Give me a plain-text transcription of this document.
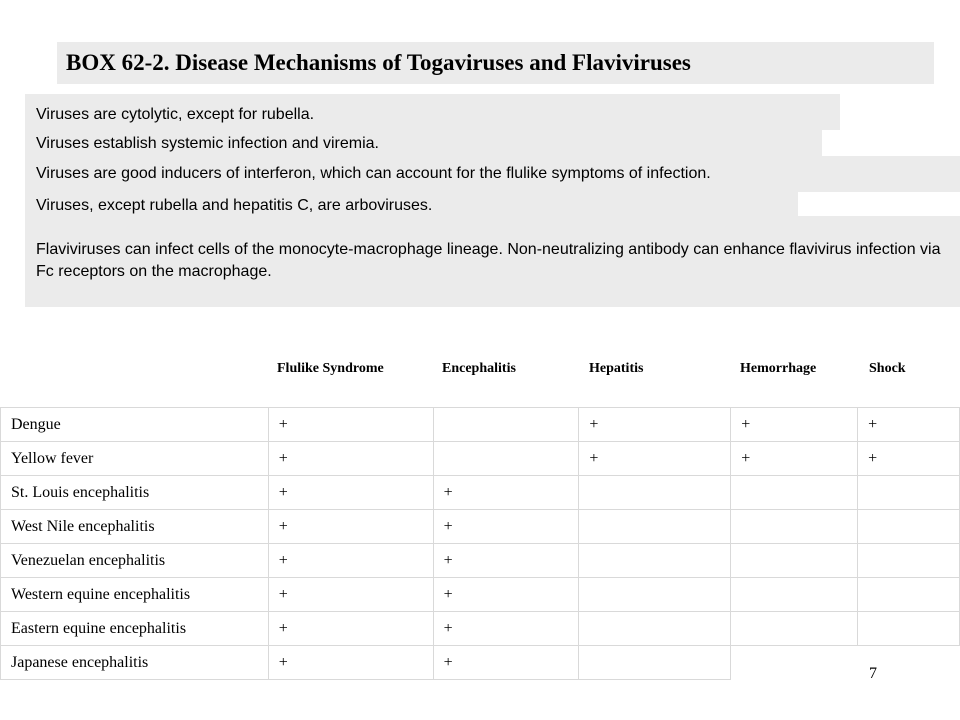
BOX 62-2. Disease Mechanisms of Togaviruses and Flaviviruses
Viruses are cytolytic, except for rubella.
Viruses establish systemic infection and viremia.
Viruses are good inducers of interferon, which can account for the flulike symptoms of infection.
Viruses, except rubella and hepatitis C, are arboviruses.
Flaviviruses can infect cells of the monocyte-macrophage lineage. Non-neutralizing antibody can enhance flavivirus infection via Fc receptors on the macrophage.
Flulike Syndrome	Encephalitis	Hepatitis	Hemorrhage	Shock
Dengue	+		+	+	+
Yellow fever	+		+	+	+
St. Louis encephalitis	+	+			
West Nile encephalitis	+	+			
Venezuelan encephalitis	+	+			
Western equine encephalitis	+	+			
Eastern equine encephalitis	+	+			
Japanese encephalitis	+	+			
7
